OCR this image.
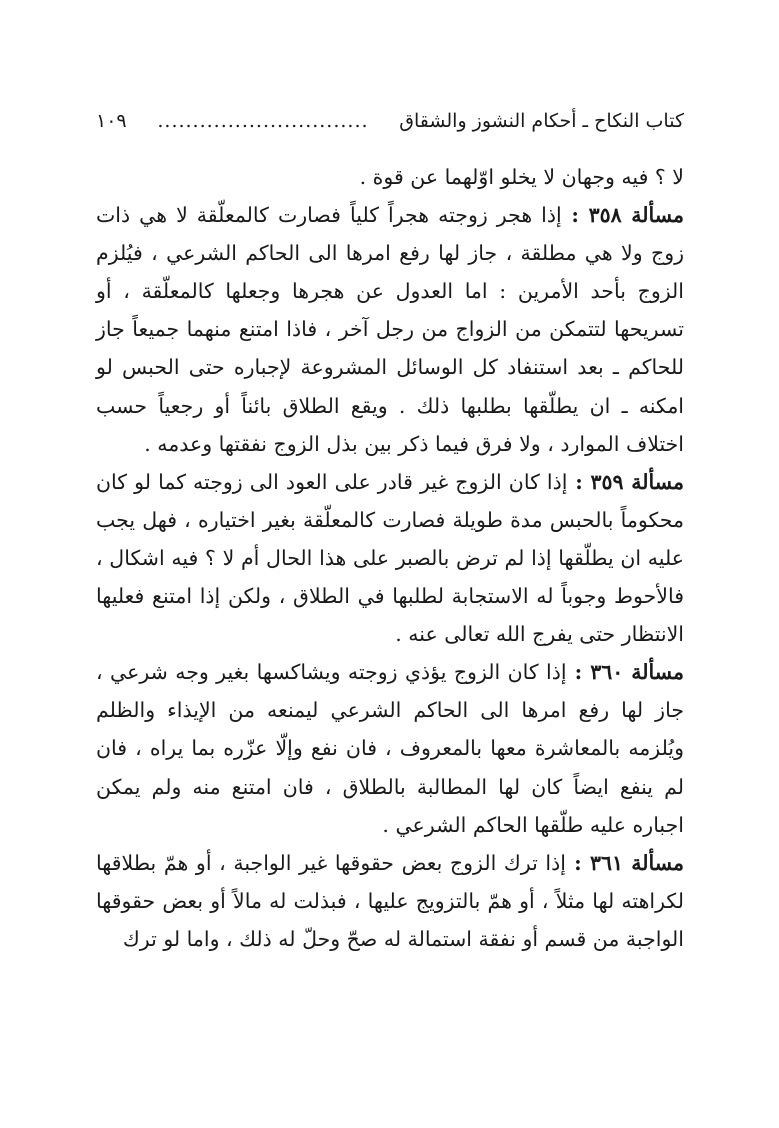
كتاب النكاح ـ أحكام النشوز والشقاق
..............................
١٠٩

لا ؟ فيه وجهان لا يخلو اوّلهما عن قوة .

مسألة ٣٥٨ : إذا هجر زوجته هجراً كلياً فصارت كالمعلّقة لا هي ذات زوج ولا هي مطلقة ، جاز لها رفع امرها الى الحاكم الشرعي ، فيُلزم الزوج بأحد الأمرين : اما العدول عن هجرها وجعلها كالمعلّقة ، أو تسريحها لتتمكن من الزواج من رجل آخر ، فاذا امتنع منهما جميعاً جاز للحاكم ـ بعد استنفاد كل الوسائل المشروعة لإجباره حتى الحبس لو امكنه ـ ان يطلّقها بطلبها ذلك . ويقع الطلاق بائناً أو رجعياً حسب اختلاف الموارد ، ولا فرق فيما ذكر بين بذل الزوج نفقتها وعدمه .

مسألة ٣٥٩ : إذا كان الزوج غير قادر على العود الى زوجته كما لو كان محكوماً بالحبس مدة طويلة فصارت كالمعلّقة بغير اختياره ، فهل يجب عليه ان يطلّقها إذا لم ترض بالصبر على هذا الحال أم لا ؟ فيه اشكال ، فالأحوط وجوباً له الاستجابة لطلبها في الطلاق ، ولكن إذا امتنع فعليها الانتظار حتى يفرج الله تعالى عنه .

مسألة ٣٦٠ : إذا كان الزوج يؤذي زوجته ويشاكسها بغير وجه شرعي ، جاز لها رفع امرها الى الحاكم الشرعي ليمنعه من الإيذاء والظلم ويُلزمه بالمعاشرة معها بالمعروف ، فان نفع وإلّا عزّره بما يراه ، فان لم ينفع ايضاً كان لها المطالبة بالطلاق ، فان امتنع منه ولم يمكن اجباره عليه طلّقها الحاكم الشرعي .

مسألة ٣٦١ : إذا ترك الزوج بعض حقوقها غير الواجبة ، أو همّ بطلاقها لكراهته لها مثلاً ، أو همّ بالتزويج عليها ، فبذلت له مالاً أو بعض حقوقها الواجبة من قسم أو نفقة استمالة له صحّ وحلّ له ذلك ، واما لو ترك
